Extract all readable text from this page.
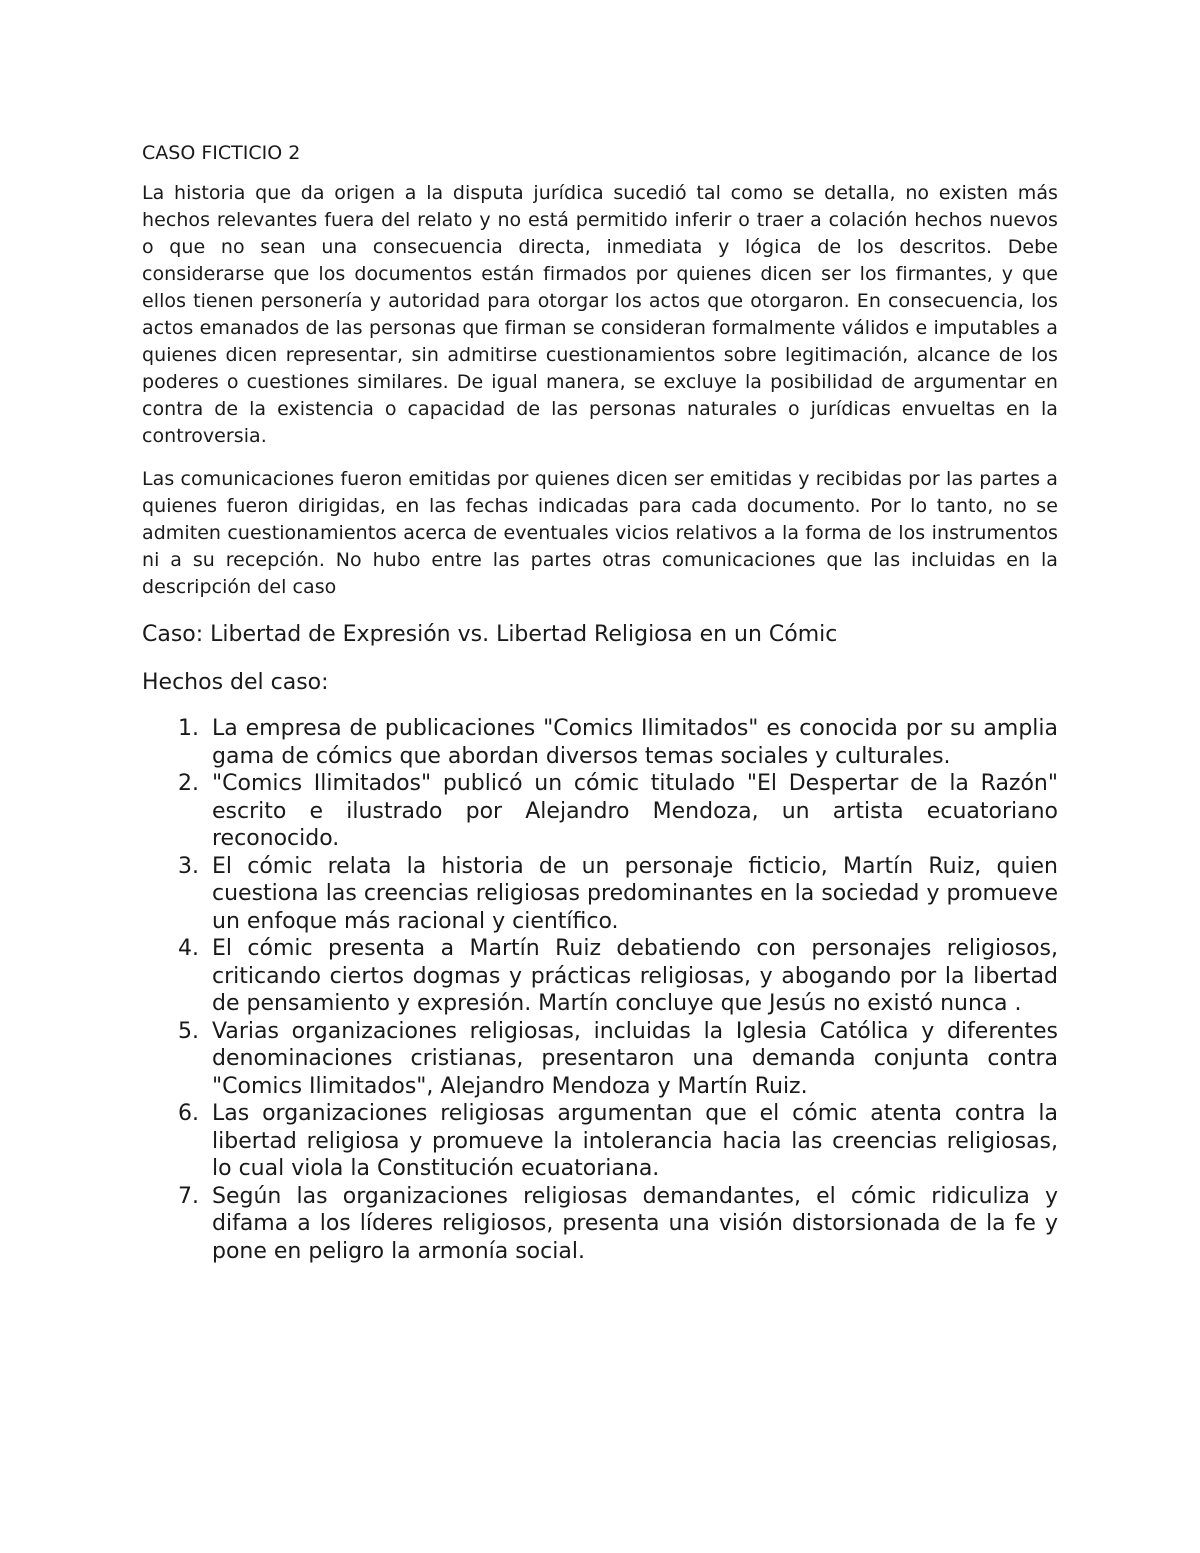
CASO FICTICIO 2

La historia que da origen a la disputa jurídica sucedió tal como se detalla, no existen más hechos relevantes fuera del relato y no está permitido inferir o traer a colación hechos nuevos o que no sean una consecuencia directa, inmediata y lógica de los descritos. Debe considerarse que los documentos están firmados por quienes dicen ser los firmantes, y que ellos tienen personería y autoridad para otorgar los actos que otorgaron. En consecuencia, los actos emanados de las personas que firman se consideran formalmente válidos e imputables a quienes dicen representar, sin admitirse cuestionamientos sobre legitimación, alcance de los poderes o cuestiones similares. De igual manera, se excluye la posibilidad de argumentar en contra de la existencia o capacidad de las personas naturales o jurídicas envueltas en la controversia.

Las comunicaciones fueron emitidas por quienes dicen ser emitidas y recibidas por las partes a quienes fueron dirigidas, en las fechas indicadas para cada documento. Por lo tanto, no se admiten cuestionamientos acerca de eventuales vicios relativos a la forma de los instrumentos ni a su recepción. No hubo entre las partes otras comunicaciones que las incluidas en la descripción del caso

Caso: Libertad de Expresión vs. Libertad Religiosa en un Cómic
Hechos del caso:
1. La empresa de publicaciones "Comics Ilimitados" es conocida por su amplia gama de cómics que abordan diversos temas sociales y culturales.
2. "Comics Ilimitados" publicó un cómic titulado "El Despertar de la Razón" escrito e ilustrado por Alejandro Mendoza, un artista ecuatoriano reconocido.
3. El cómic relata la historia de un personaje ficticio, Martín Ruiz, quien cuestiona las creencias religiosas predominantes en la sociedad y promueve un enfoque más racional y científico.
4. El cómic presenta a Martín Ruiz debatiendo con personajes religiosos, criticando ciertos dogmas y prácticas religiosas, y abogando por la libertad de pensamiento y expresión. Martín concluye que Jesús no existó nunca .
5. Varias organizaciones religiosas, incluidas la Iglesia Católica y diferentes denominaciones cristianas, presentaron una demanda conjunta contra "Comics Ilimitados", Alejandro Mendoza y Martín Ruiz.
6. Las organizaciones religiosas argumentan que el cómic atenta contra la libertad religiosa y promueve la intolerancia hacia las creencias religiosas, lo cual viola la Constitución ecuatoriana.
7. Según las organizaciones religiosas demandantes, el cómic ridiculiza y difama a los líderes religiosos, presenta una visión distorsionada de la fe y pone en peligro la armonía social.
